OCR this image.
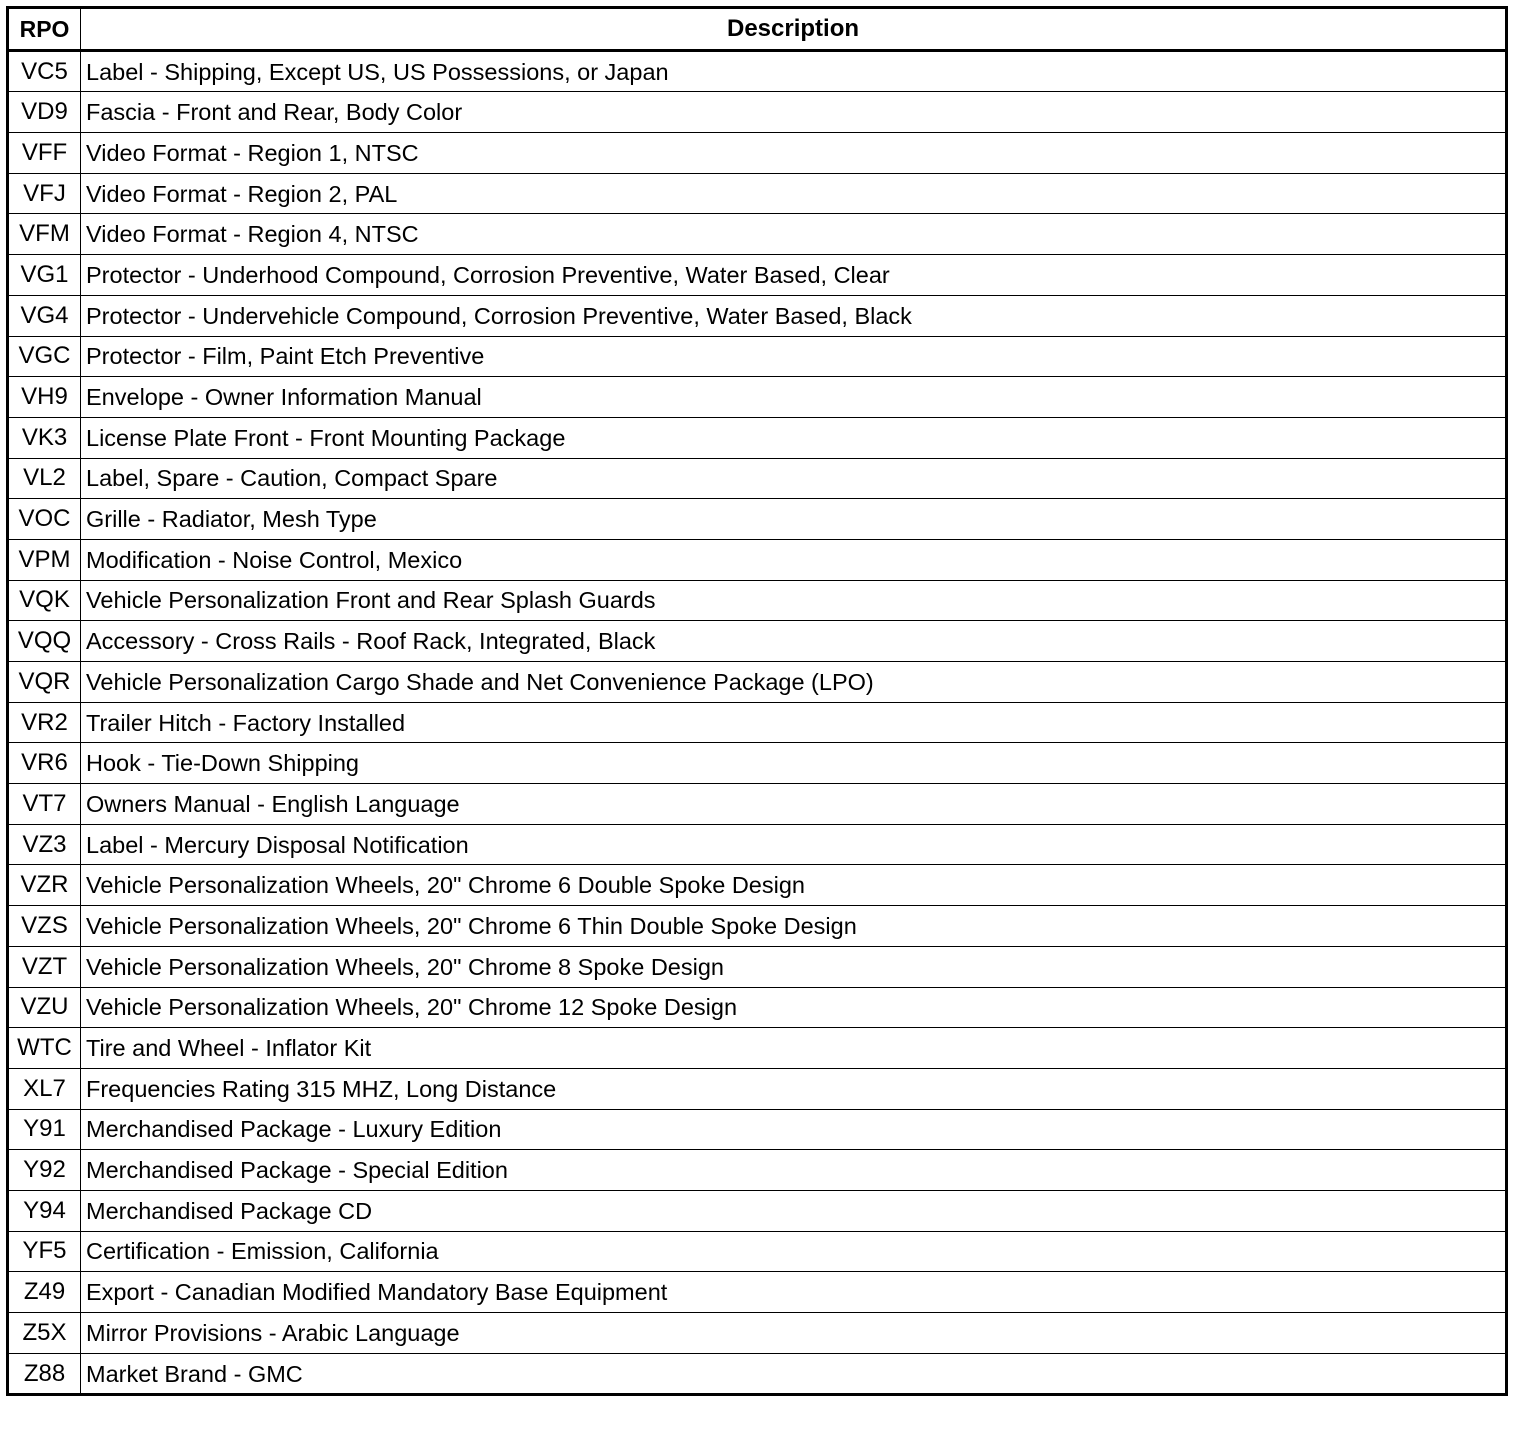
RPO	Description
VC5	Label - Shipping, Except US, US Possessions, or Japan
VD9	Fascia - Front and Rear, Body Color
VFF	Video Format - Region 1, NTSC
VFJ	Video Format - Region 2, PAL
VFM	Video Format - Region 4, NTSC
VG1	Protector - Underhood Compound, Corrosion Preventive, Water Based, Clear
VG4	Protector - Undervehicle Compound, Corrosion Preventive, Water Based, Black
VGC	Protector - Film, Paint Etch Preventive
VH9	Envelope - Owner Information Manual
VK3	License Plate Front - Front Mounting Package
VL2	Label, Spare - Caution, Compact Spare
VOC	Grille - Radiator, Mesh Type
VPM	Modification - Noise Control, Mexico
VQK	Vehicle Personalization Front and Rear Splash Guards
VQQ	Accessory - Cross Rails - Roof Rack, Integrated, Black
VQR	Vehicle Personalization Cargo Shade and Net Convenience Package (LPO)
VR2	Trailer Hitch - Factory Installed
VR6	Hook - Tie-Down Shipping
VT7	Owners Manual - English Language
VZ3	Label - Mercury Disposal Notification
VZR	Vehicle Personalization Wheels, 20" Chrome 6 Double Spoke Design
VZS	Vehicle Personalization Wheels, 20" Chrome 6 Thin Double Spoke Design
VZT	Vehicle Personalization Wheels, 20" Chrome 8 Spoke Design
VZU	Vehicle Personalization Wheels, 20" Chrome 12 Spoke Design
WTC	Tire and Wheel - Inflator Kit
XL7	Frequencies Rating 315 MHZ, Long Distance
Y91	Merchandised Package - Luxury Edition
Y92	Merchandised Package - Special Edition
Y94	Merchandised Package CD
YF5	Certification - Emission, California
Z49	Export - Canadian Modified Mandatory Base Equipment
Z5X	Mirror Provisions - Arabic Language
Z88	Market Brand - GMC
